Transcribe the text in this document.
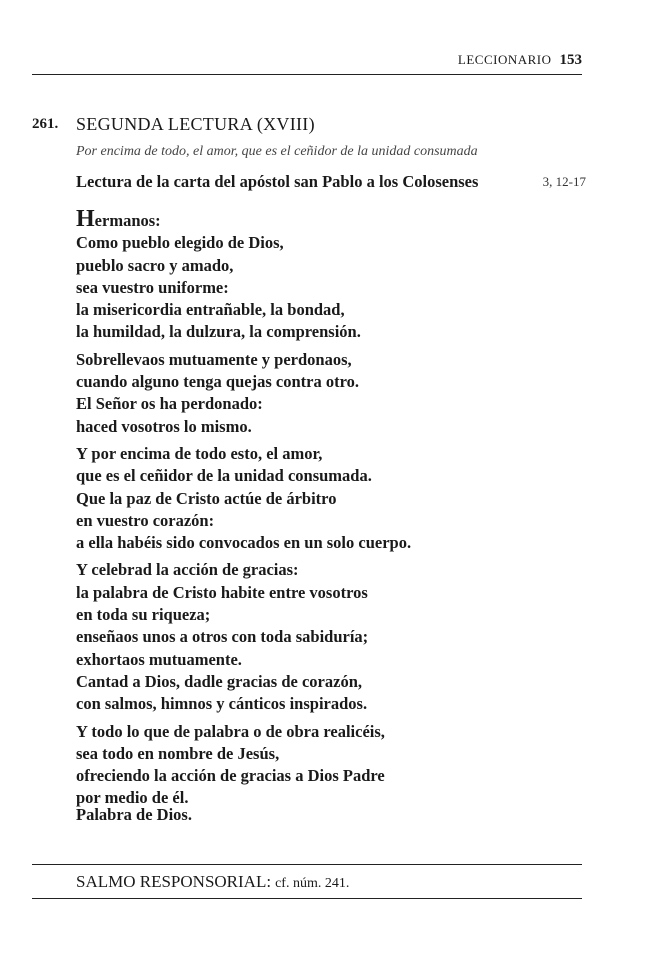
LECCIONARIO 153
261. SEGUNDA LECTURA (XVIII)
Por encima de todo, el amor, que es el ceñidor de la unidad consumada
Lectura de la carta del apóstol san Pablo a los Colosenses	3, 12-17
Hermanos:
Como pueblo elegido de Dios,
pueblo sacro y amado,
sea vuestro uniforme:
la misericordia entrañable, la bondad,
la humildad, la dulzura, la comprensión.
Sobrellevaos mutuamente y perdonaos,
cuando alguno tenga quejas contra otro.
El Señor os ha perdonado:
haced vosotros lo mismo.
Y por encima de todo esto, el amor,
que es el ceñidor de la unidad consumada.
Que la paz de Cristo actúe de árbitro
en vuestro corazón:
a ella habéis sido convocados en un solo cuerpo.
Y celebrad la acción de gracias:
la palabra de Cristo habite entre vosotros
en toda su riqueza;
enseñaos unos a otros con toda sabiduría;
exhortaos mutuamente.
Cantad a Dios, dadle gracias de corazón,
con salmos, himnos y cánticos inspirados.
Y todo lo que de palabra o de obra realicéis,
sea todo en nombre de Jesús,
ofreciendo la acción de gracias a Dios Padre
por medio de él.
Palabra de Dios.
SALMO RESPONSORIAL: cf. núm. 241.
